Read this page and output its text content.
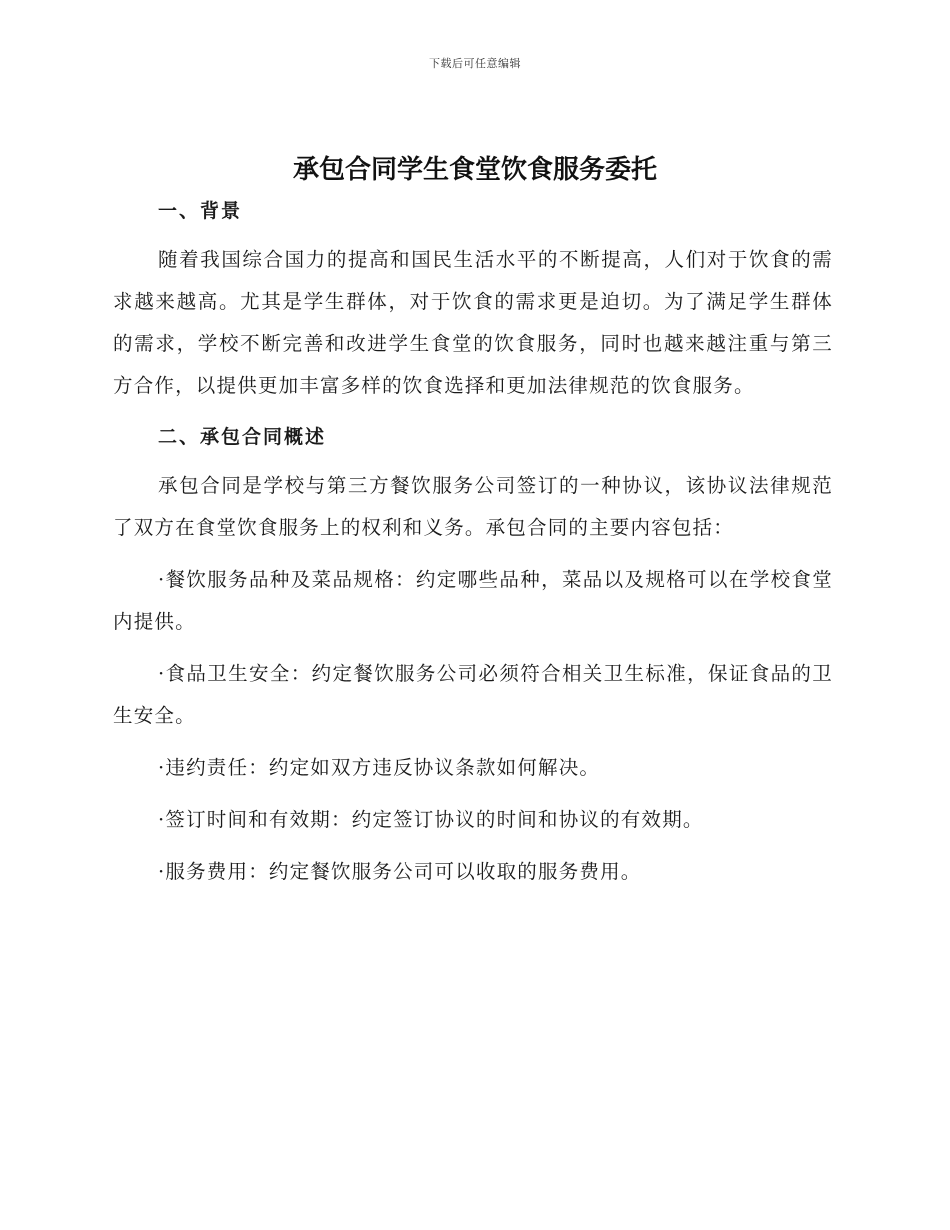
下载后可任意编辑
承包合同学生食堂饮食服务委托
一、背景

随着我国综合国力的提高和国民生活水平的不断提高，人们对于饮食的需求越来越高。尤其是学生群体，对于饮食的需求更是迫切。为了满足学生群体的需求，学校不断完善和改进学生食堂的饮食服务，同时也越来越注重与第三方合作，以提供更加丰富多样的饮食选择和更加法律规范的饮食服务。

二、承包合同概述

承包合同是学校与第三方餐饮服务公司签订的一种协议，该协议法律规范了双方在食堂饮食服务上的权利和义务。承包合同的主要内容包括：

·餐饮服务品种及菜品规格：约定哪些品种，菜品以及规格可以在学校食堂内提供。

·食品卫生安全：约定餐饮服务公司必须符合相关卫生标准，保证食品的卫生安全。

·违约责任：约定如双方违反协议条款如何解决。

·签订时间和有效期：约定签订协议的时间和协议的有效期。

·服务费用：约定餐饮服务公司可以收取的服务费用。
